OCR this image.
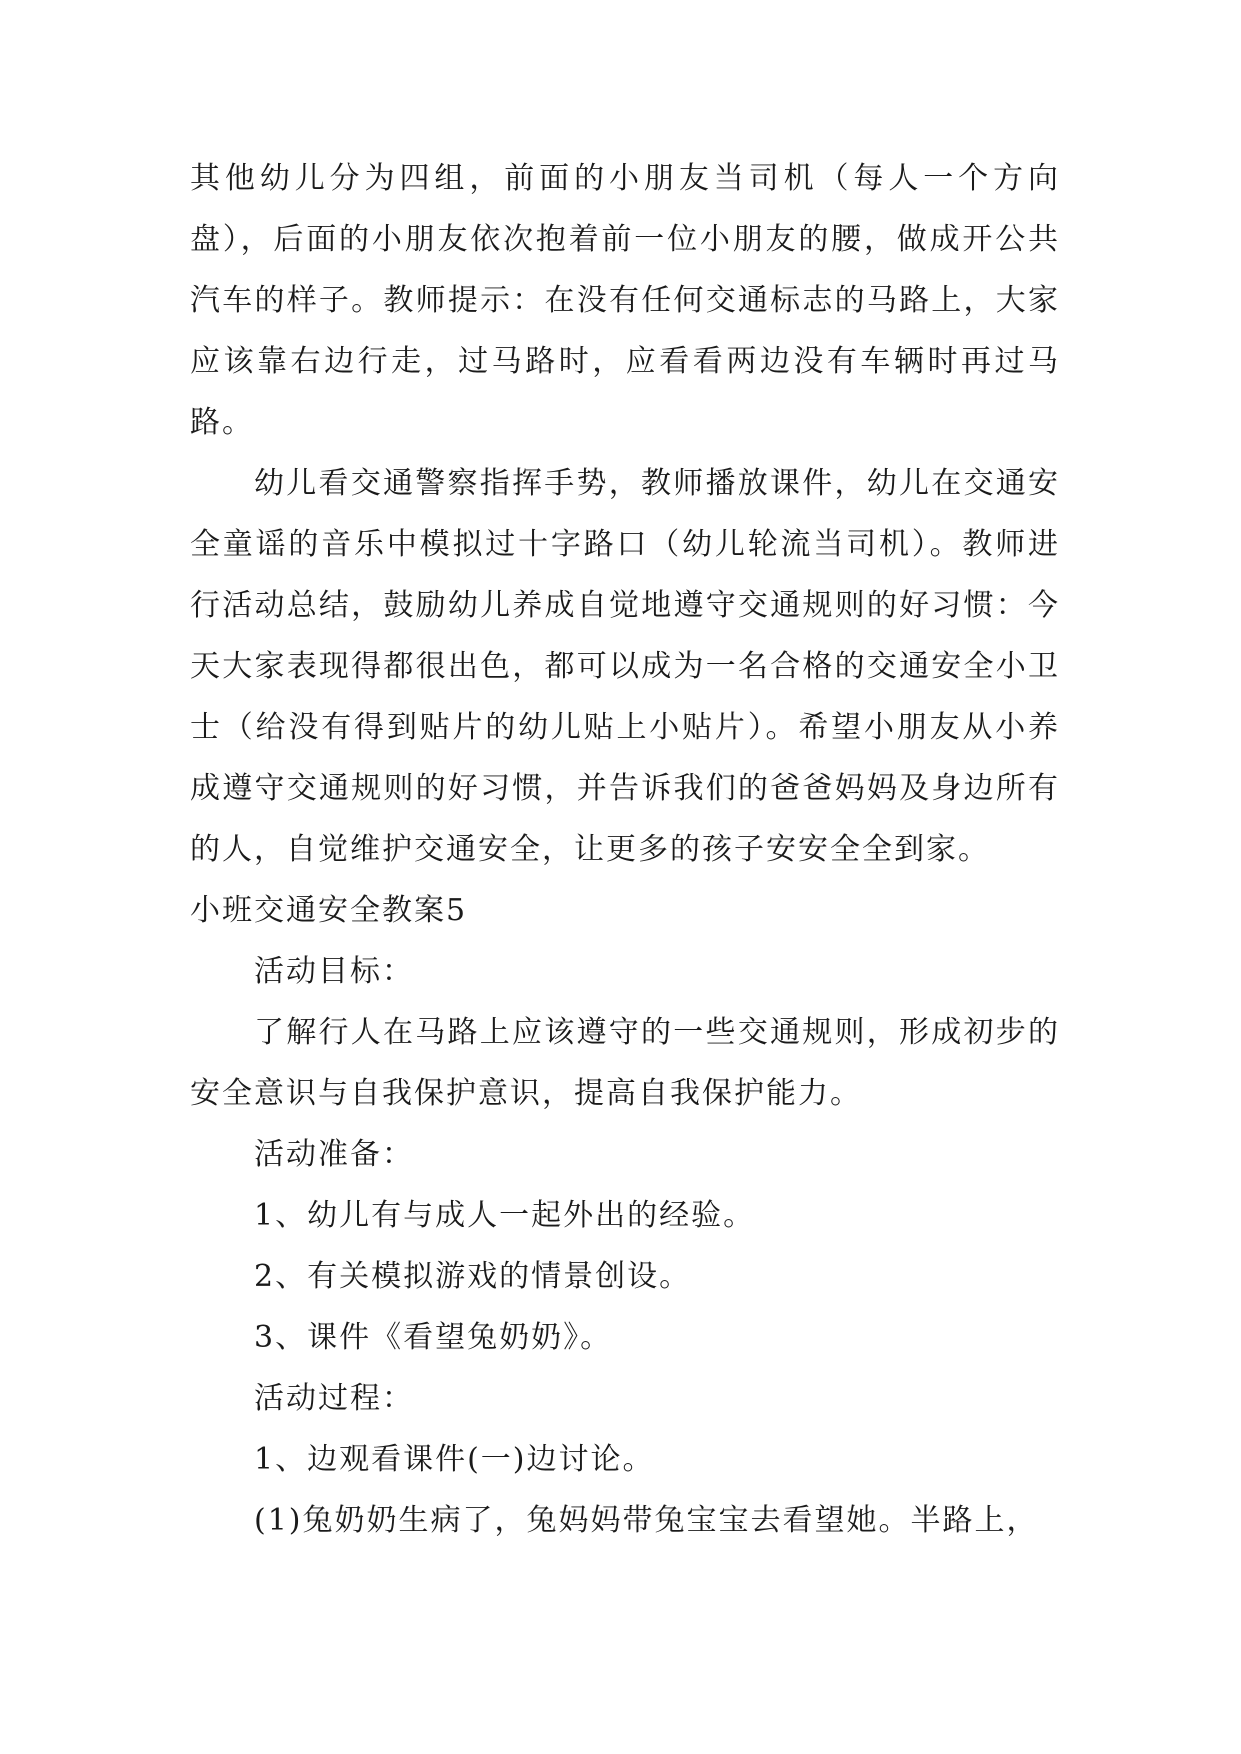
其他幼儿分为四组，前面的小朋友当司机（每人一个方向盘），后面的小朋友依次抱着前一位小朋友的腰，做成开公共汽车的样子。教师提示：在没有任何交通标志的马路上，大家应该靠右边行走，过马路时，应看看两边没有车辆时再过马路。

幼儿看交通警察指挥手势，教师播放课件，幼儿在交通安全童谣的音乐中模拟过十字路口（幼儿轮流当司机）。教师进行活动总结，鼓励幼儿养成自觉地遵守交通规则的好习惯：今天大家表现得都很出色，都可以成为一名合格的交通安全小卫士（给没有得到贴片的幼儿贴上小贴片）。希望小朋友从小养成遵守交通规则的好习惯，并告诉我们的爸爸妈妈及身边所有的人，自觉维护交通安全，让更多的孩子安安全全到家。

小班交通安全教案5

活动目标：

了解行人在马路上应该遵守的一些交通规则，形成初步的安全意识与自我保护意识，提高自我保护能力。

活动准备：

1、幼儿有与成人一起外出的经验。

2、有关模拟游戏的情景创设。

3、课件《看望兔奶奶》。

活动过程：

1、边观看课件(一)边讨论。

(1)兔奶奶生病了，兔妈妈带兔宝宝去看望她。半路上，
